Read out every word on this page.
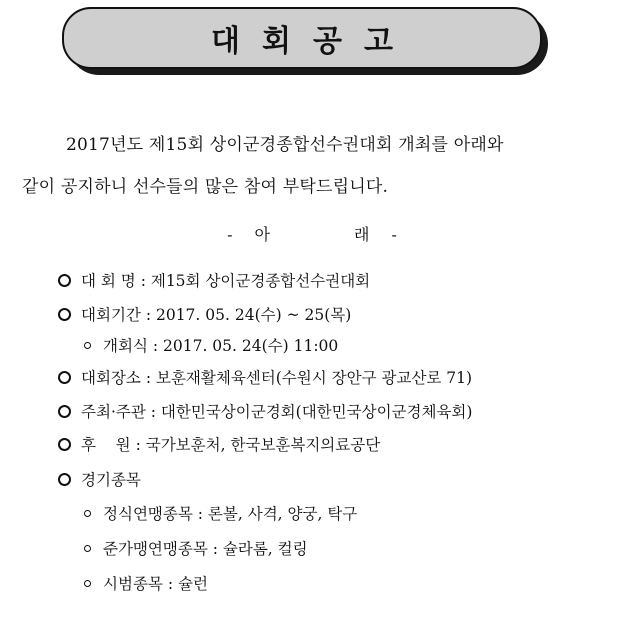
대회공고
2017년도 제15회 상이군경종합선수권대회 개최를 아래와
같이 공지하니 선수들의 많은 참여 부탁드립니다.
- 아	래 -
대 회 명 : 제15회 상이군경종합선수권대회
대회기간 : 2017. 05. 24(수) ~ 25(목)
개회식 : 2017. 05. 24(수) 11:00
대회장소 : 보훈재활체육센터(수원시 장안구 광교산로 71)
주최·주관 : 대한민국상이군경회(대한민국상이군경체육회)
후    원 : 국가보훈처, 한국보훈복지의료공단
경기종목
정식연맹종목 : 론볼, 사격, 양궁, 탁구
준가맹연맹종목 : 슐라롬, 컬링
시범종목 : 슐런
